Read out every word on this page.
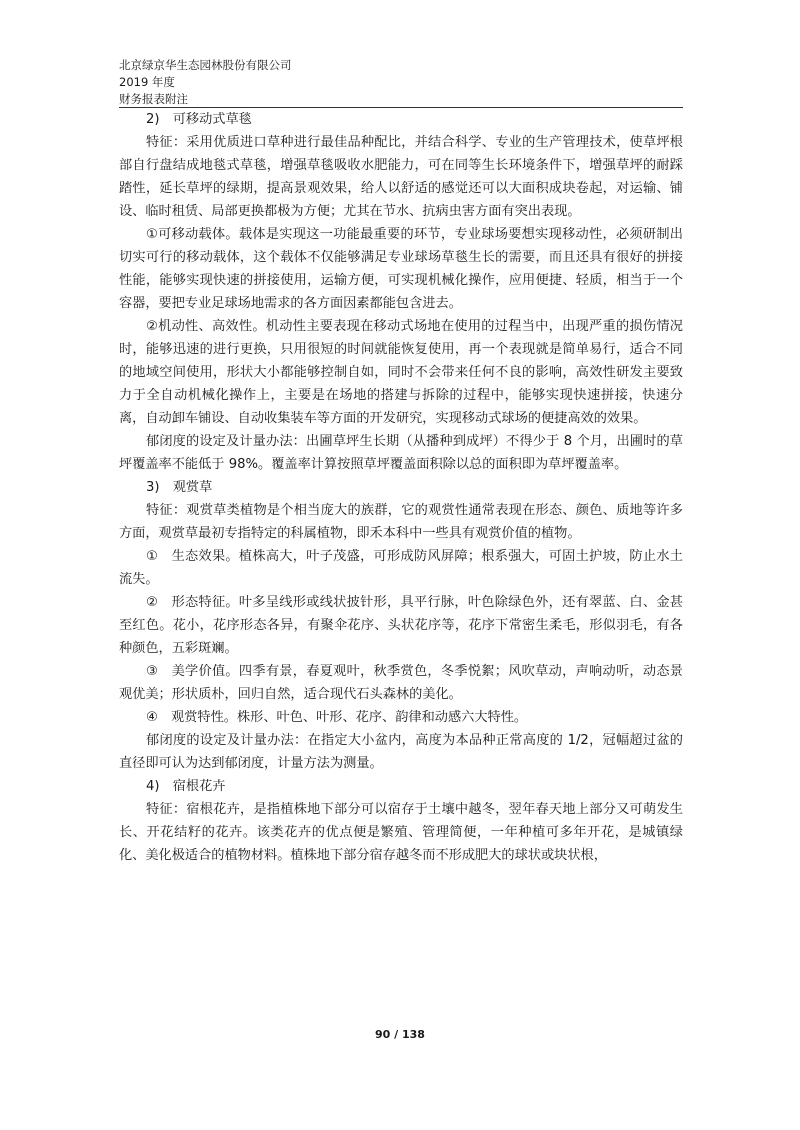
北京绿京华生态园林股份有限公司
2019 年度
财务报表附注

2)　可移动式草毯

特征：采用优质进口草种进行最佳品种配比，并结合科学、专业的生产管理技术，使草坪根部自行盘结成地毯式草毯，增强草毯吸收水肥能力，可在同等生长环境条件下，增强草坪的耐踩踏性，延长草坪的绿期，提高景观效果，给人以舒适的感觉还可以大面积成块卷起，对运输、铺设、临时租赁、局部更换都极为方便；尤其在节水、抗病虫害方面有突出表现。

①可移动载体。载体是实现这一功能最重要的环节，专业球场要想实现移动性，必须研制出切实可行的移动载体，这个载体不仅能够满足专业球场草毯生长的需要，而且还具有很好的拼接性能，能够实现快速的拼接使用，运输方便，可实现机械化操作，应用便捷、轻质，相当于一个容器，要把专业足球场地需求的各方面因素都能包含进去。

②机动性、高效性。机动性主要表现在移动式场地在使用的过程当中，出现严重的损伤情况时，能够迅速的进行更换，只用很短的时间就能恢复使用，再一个表现就是简单易行，适合不同的地域空间使用，形状大小都能够控制自如，同时不会带来任何不良的影响，高效性研发主要致力于全自动机械化操作上，主要是在场地的搭建与拆除的过程中，能够实现快速拼接，快速分离，自动卸车铺设、自动收集装车等方面的开发研究，实现移动式球场的便捷高效的效果。

郁闭度的设定及计量办法：出圃草坪生长期（从播种到成坪）不得少于 8 个月，出圃时的草坪覆盖率不能低于 98%。覆盖率计算按照草坪覆盖面积除以总的面积即为草坪覆盖率。

3)　观赏草

特征：观赏草类植物是个相当庞大的族群，它的观赏性通常表现在形态、颜色、质地等许多方面，观赏草最初专指特定的科属植物，即禾本科中一些具有观赏价值的植物。

①　生态效果。植株高大，叶子茂盛，可形成防风屏障；根系强大，可固土护坡，防止水土流失。

②　形态特征。叶多呈线形或线状披针形，具平行脉，叶色除绿色外，还有翠蓝、白、金甚至红色。花小，花序形态各异，有聚伞花序、头状花序等，花序下常密生柔毛，形似羽毛，有各种颜色，五彩斑斓。

③　美学价值。四季有景，春夏观叶，秋季赏色，冬季悦絮；风吹草动，声响动听，动态景观优美；形状质朴，回归自然，适合现代石头森林的美化。

④　观赏特性。株形、叶色、叶形、花序、韵律和动感六大特性。

郁闭度的设定及计量办法：在指定大小盆内，高度为本品种正常高度的 1/2，冠幅超过盆的直径即可认为达到郁闭度，计量方法为测量。

4)　宿根花卉

特征：宿根花卉，是指植株地下部分可以宿存于土壤中越冬，翌年春天地上部分又可萌发生长、开花结籽的花卉。该类花卉的优点便是繁殖、管理简便，一年种植可多年开花，是城镇绿化、美化极适合的植物材料。植株地下部分宿存越冬而不形成肥大的球状或块状根，

90 / 138
